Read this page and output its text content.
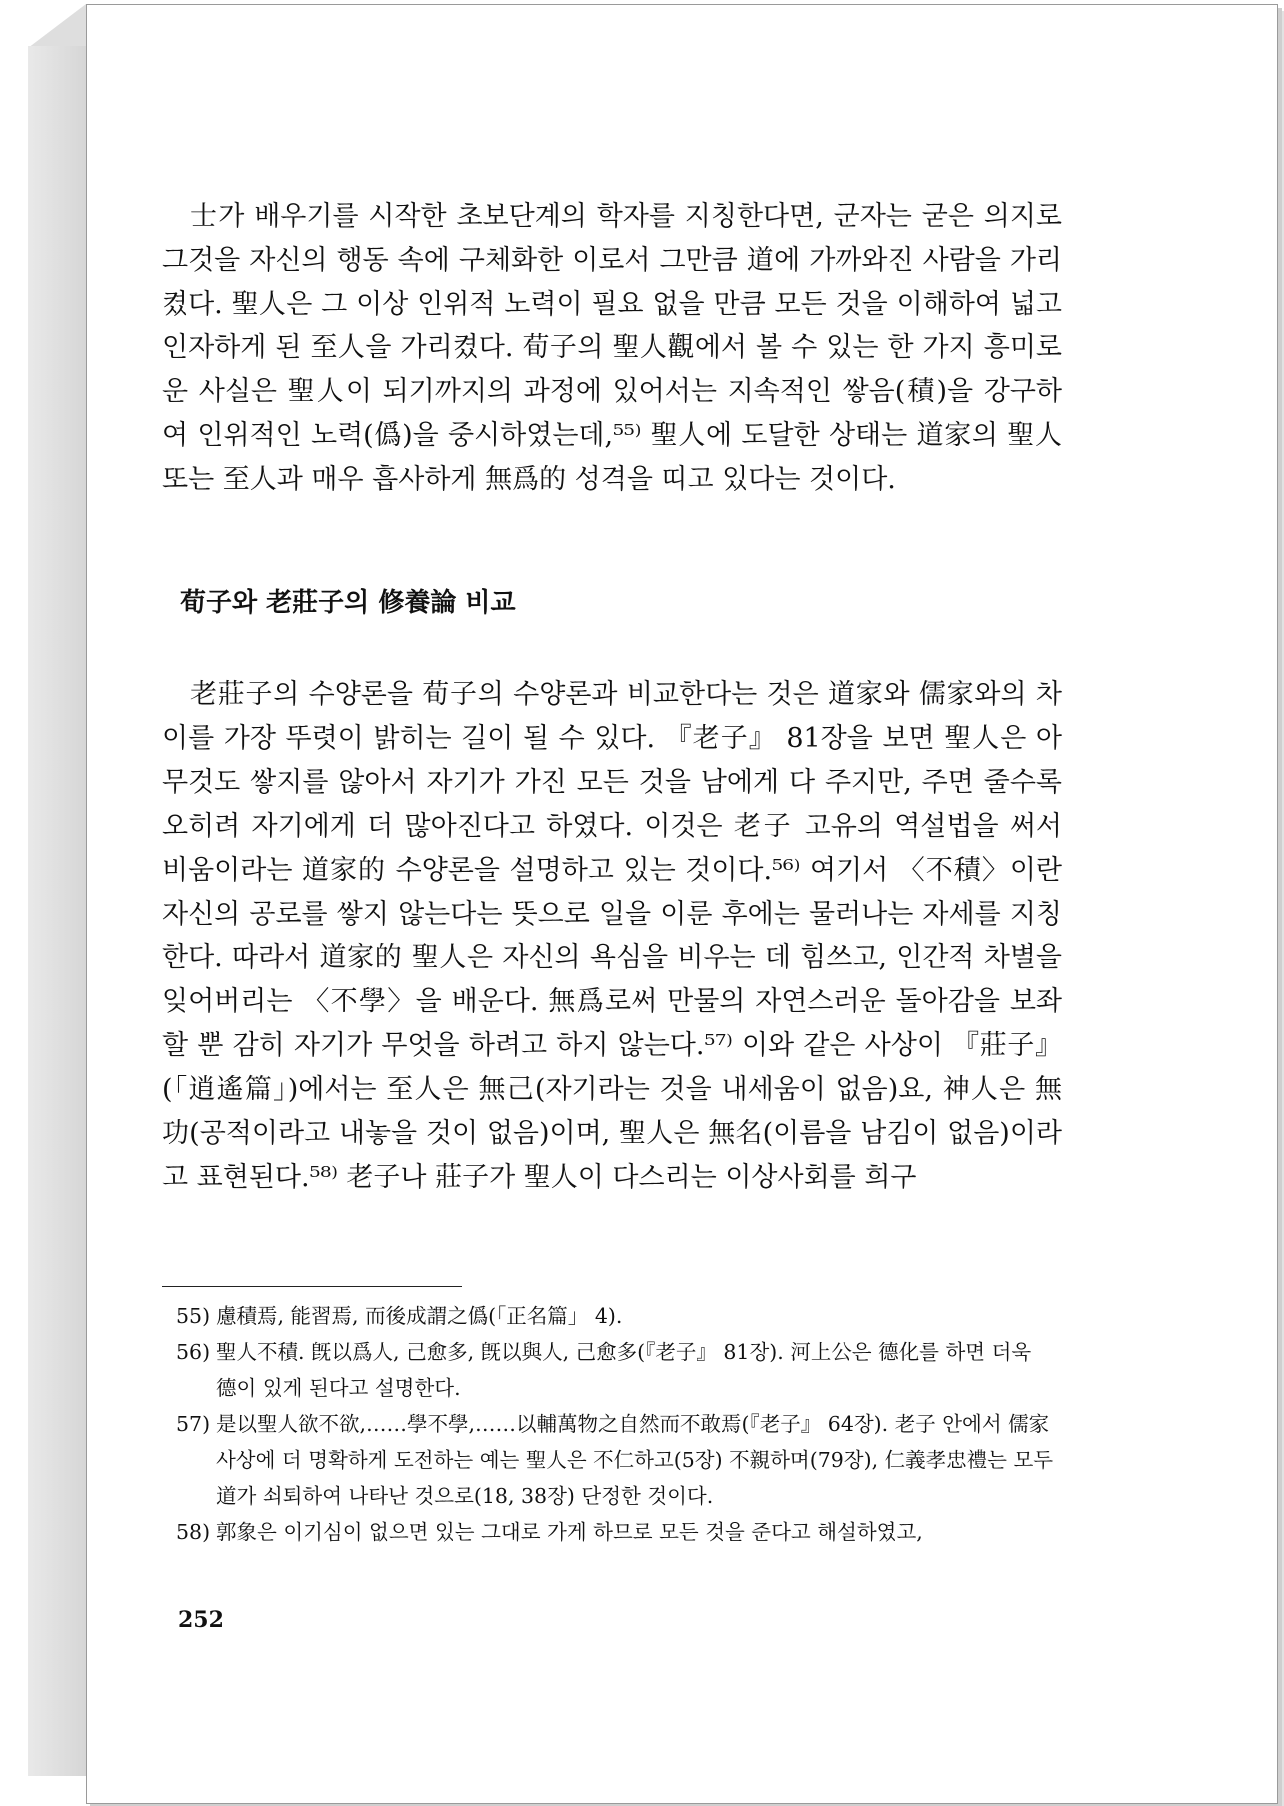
士가 배우기를 시작한 초보단계의 학자를 지칭한다면, 군자는 굳은 의지로 그것을 자신의 행동 속에 구체화한 이로서 그만큼 道에 가까와진 사람을 가리켰다. 聖人은 그 이상 인위적 노력이 필요 없을 만큼 모든 것을 이해하여 넓고 인자하게 된 至人을 가리켰다. 荀子의 聖人觀에서 볼 수 있는 한 가지 흥미로운 사실은 聖人이 되기까지의 과정에 있어서는 지속적인 쌓음(積)을 강구하여 인위적인 노력(僞)을 중시하였는데,⁵⁵⁾ 聖人에 도달한 상태는 道家의 聖人 또는 至人과 매우 흡사하게 無爲的 성격을 띠고 있다는 것이다.

荀子와 老莊子의 修養論 비교

老莊子의 수양론을 荀子의 수양론과 비교한다는 것은 道家와 儒家와의 차이를 가장 뚜렷이 밝히는 길이 될 수 있다. 『老子』 81장을 보면 聖人은 아무것도 쌓지를 않아서 자기가 가진 모든 것을 남에게 다 주지만, 주면 줄수록 오히려 자기에게 더 많아진다고 하였다. 이것은 老子 고유의 역설법을 써서 비움이라는 道家的 수양론을 설명하고 있는 것이다.⁵⁶⁾ 여기서 〈不積〉이란 자신의 공로를 쌓지 않는다는 뜻으로 일을 이룬 후에는 물러나는 자세를 지칭한다. 따라서 道家的 聖人은 자신의 욕심을 비우는 데 힘쓰고, 인간적 차별을 잊어버리는 〈不學〉을 배운다. 無爲로써 만물의 자연스러운 돌아감을 보좌할 뿐 감히 자기가 무엇을 하려고 하지 않는다.⁵⁷⁾ 이와 같은 사상이 『莊子』(「逍遙篇」)에서는 至人은 無己(자기라는 것을 내세움이 없음)요, 神人은 無功(공적이라고 내놓을 것이 없음)이며, 聖人은 無名(이름을 남김이 없음)이라고 표현된다.⁵⁸⁾ 老子나 莊子가 聖人이 다스리는 이상사회를 희구

55) 慮積焉, 能習焉, 而後成謂之僞(「正名篇」 4).

56) 聖人不積. 旣以爲人, 己愈多, 旣以與人, 己愈多(『老子』 81장). 河上公은 德化를 하면 더욱 德이 있게 된다고 설명한다.

57) 是以聖人欲不欲,……學不學,……以輔萬物之自然而不敢焉(『老子』 64장). 老子 안에서 儒家사상에 더 명확하게 도전하는 예는 聖人은 不仁하고(5장) 不親하며(79장), 仁義孝忠禮는 모두 道가 쇠퇴하여 나타난 것으로(18, 38장) 단정한 것이다.

58) 郭象은 이기심이 없으면 있는 그대로 가게 하므로 모든 것을 준다고 해설하였고,

252
